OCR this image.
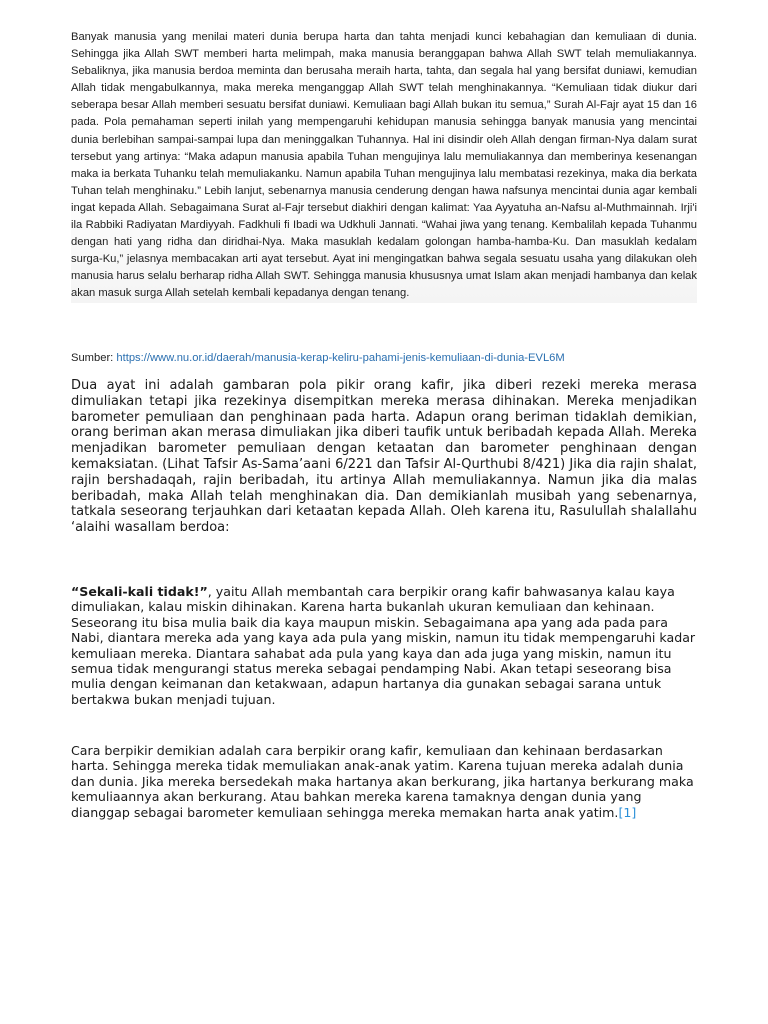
Banyak manusia yang menilai materi dunia berupa harta dan tahta menjadi kunci kebahagian dan kemuliaan di dunia. Sehingga jika Allah SWT memberi harta melimpah, maka manusia beranggapan bahwa Allah SWT telah memuliakannya. Sebaliknya, jika manusia berdoa meminta dan berusaha meraih harta, tahta, dan segala hal yang bersifat duniawi, kemudian Allah tidak mengabulkannya, maka mereka menganggap Allah SWT telah menghinakannya. “Kemuliaan tidak diukur dari seberapa besar Allah memberi sesuatu bersifat duniawi. Kemuliaan bagi Allah bukan itu semua,” Surah Al-Fajr ayat 15 dan 16 pada. Pola pemahaman seperti inilah yang mempengaruhi kehidupan manusia sehingga banyak manusia yang mencintai dunia berlebihan sampai-sampai lupa dan meninggalkan Tuhannya. Hal ini disindir oleh Allah dengan firman-Nya dalam surat tersebut yang artinya: “Maka adapun manusia apabila Tuhan mengujinya lalu memuliakannya dan memberinya kesenangan maka ia berkata Tuhanku telah memuliakanku. Namun apabila Tuhan mengujinya lalu membatasi rezekinya, maka dia berkata Tuhan telah menghinaku.” Lebih lanjut, sebenarnya manusia cenderung dengan hawa nafsunya mencintai dunia agar kembali ingat kepada Allah. Sebagaimana Surat al-Fajr tersebut diakhiri dengan kalimat: Yaa Ayyatuha an-Nafsu al-Muthmainnah. Irji'i ila Rabbiki Radiyatan Mardiyyah. Fadkhuli fi Ibadi wa Udkhuli Jannati. “Wahai jiwa yang tenang. Kembalilah kepada Tuhanmu dengan hati yang ridha dan diridhai-Nya. Maka masuklah kedalam golongan hamba-hamba-Ku. Dan masuklah kedalam surga-Ku,” jelasnya membacakan arti ayat tersebut. Ayat ini mengingatkan bahwa segala sesuatu usaha yang dilakukan oleh manusia harus selalu berharap ridha Allah SWT. Sehingga manusia khususnya umat Islam akan menjadi hambanya dan kelak akan masuk surga Allah setelah kembali kepadanya dengan tenang.
Sumber: https://www.nu.or.id/daerah/manusia-kerap-keliru-pahami-jenis-kemuliaan-di-dunia-EVL6M

Dua ayat ini adalah gambaran pola pikir orang kafir, jika diberi rezeki mereka merasa dimuliakan tetapi jika rezekinya disempitkan mereka merasa dihinakan. Mereka menjadikan barometer pemuliaan dan penghinaan pada harta. Adapun orang beriman tidaklah demikian, orang beriman akan merasa dimuliakan jika diberi taufik untuk beribadah kepada Allah. Mereka menjadikan barometer pemuliaan dengan ketaatan dan barometer penghinaan dengan kemaksiatan. (Lihat Tafsir As-Sama’aani 6/221 dan Tafsir Al-Qurthubi 8/421) Jika dia rajin shalat, rajin bershadaqah, rajin beribadah, itu artinya Allah memuliakannya. Namun jika dia malas beribadah, maka Allah telah menghinakan dia. Dan demikianlah musibah yang sebenarnya, tatkala seseorang terjauhkan dari ketaatan kepada Allah. Oleh karena itu, Rasulullah shalallahu ‘alaihi wasallam berdoa:

“Sekali-kali tidak!”, yaitu Allah membantah cara berpikir orang kafir bahwasanya kalau kaya dimuliakan, kalau miskin dihinakan. Karena harta bukanlah ukuran kemuliaan dan kehinaan. Seseorang itu bisa mulia baik dia kaya maupun miskin. Sebagaimana apa yang ada pada para Nabi, diantara mereka ada yang kaya ada pula yang miskin, namun itu tidak mempengaruhi kadar kemuliaan mereka. Diantara sahabat ada pula yang kaya dan ada juga yang miskin, namun itu semua tidak mengurangi status mereka sebagai pendamping Nabi. Akan tetapi seseorang bisa mulia dengan keimanan dan ketakwaan, adapun hartanya dia gunakan sebagai sarana untuk bertakwa bukan menjadi tujuan.

Cara berpikir demikian adalah cara berpikir orang kafir, kemuliaan dan kehinaan berdasarkan harta. Sehingga mereka tidak memuliakan anak-anak yatim. Karena tujuan mereka adalah dunia dan dunia. Jika mereka bersedekah maka hartanya akan berkurang, jika hartanya berkurang maka kemuliaannya akan berkurang. Atau bahkan mereka karena tamaknya dengan dunia yang dianggap sebagai barometer kemuliaan sehingga mereka memakan harta anak yatim.[1]
